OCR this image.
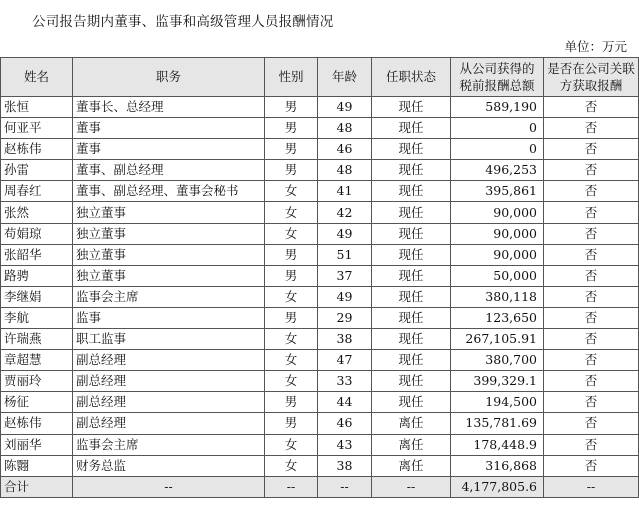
公司报告期内董事、监事和高级管理人员报酬情况
单位：万元
姓名	职务	性别	年龄	任职状态	从公司获得的税前报酬总额	是否在公司关联方获取报酬
张恒	董事长、总经理	男	49	现任	589,190	否
何亚平	董事	男	48	现任	0	否
赵栋伟	董事	男	46	现任	0	否
孙雷	董事、副总经理	男	48	现任	496,253	否
周春红	董事、副总经理、董事会秘书	女	41	现任	395,861	否
张然	独立董事	女	42	现任	90,000	否
苟娟琼	独立董事	女	49	现任	90,000	否
张韶华	独立董事	男	51	现任	90,000	否
路骋	独立董事	男	37	现任	50,000	否
李继娟	监事会主席	女	49	现任	380,118	否
李航	监事	男	29	现任	123,650	否
许瑞燕	职工监事	女	38	现任	267,105.91	否
章超慧	副总经理	女	47	现任	380,700	否
贾丽玲	副总经理	女	33	现任	399,329.1	否
杨征	副总经理	男	44	现任	194,500	否
赵栋伟	副总经理	男	46	离任	135,781.69	否
刘丽华	监事会主席	女	43	离任	178,448.9	否
陈翾	财务总监	女	38	离任	316,868	否
合计	--	--	--	--	4,177,805.6	--
